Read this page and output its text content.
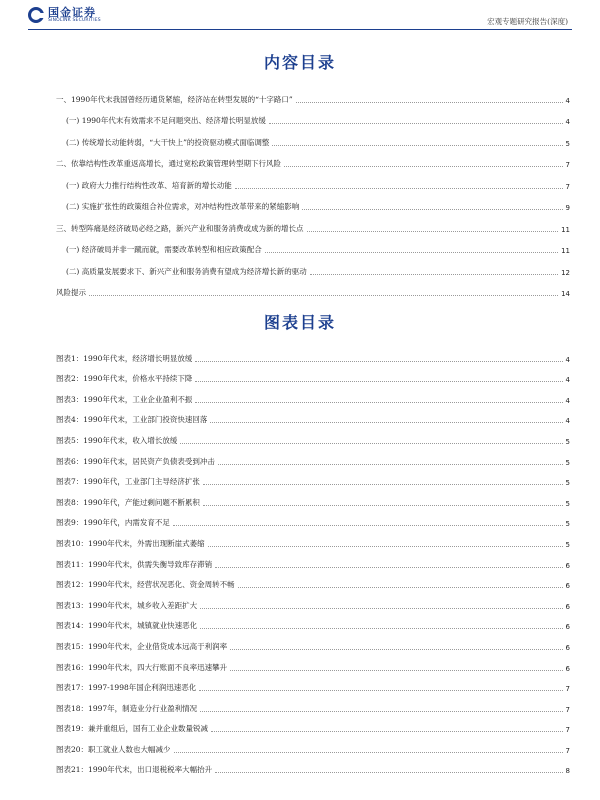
国金证券
SINOLINK SECURITIES	宏观专题研究报告(深度)
内容目录
一、1990年代末我国曾经历通货紧缩，经济站在转型发展的“十字路口”	4
(一) 1990年代末有效需求不足问题突出、经济增长明显放缓	4
(二) 传统增长动能转弱，“大干快上”的投资驱动模式面临调整	5
二、依靠结构性改革重返高增长，通过宽松政策管理转型期下行风险	7
(一) 政府大力推行结构性改革、培育新的增长动能	7
(二) 实施扩张性的政策组合补位需求，对冲结构性改革带来的紧缩影响	9
三、转型阵痛是经济破局必经之路，新兴产业和服务消费或成为新的增长点	11
(一) 经济破局并非一蹴而就，需要改革转型和相应政策配合	11
(二) 高质量发展要求下、新兴产业和服务消费有望成为经济增长新的驱动	12
风险提示	14
图表目录
图表1：1990年代末，经济增长明显放缓	4
图表2：1990年代末，价格水平持续下降	4
图表3：1990年代末，工业企业盈利不振	4
图表4：1990年代末，工业部门投资快速回落	4
图表5：1990年代末，收入增长放缓	5
图表6：1990年代末，居民资产负债表受到冲击	5
图表7：1990年代，工业部门主导经济扩张	5
图表8：1990年代，产能过剩问题不断累积	5
图表9：1990年代，内需发育不足	5
图表10：1990年代末，外需出现断崖式萎缩	5
图表11：1990年代末，供需失衡导致库存滞销	6
图表12：1990年代末，经营状况恶化、资金周转不畅	6
图表13：1990年代末，城乡收入差距扩大	6
图表14：1990年代末，城镇就业快速恶化	6
图表15：1990年代末，企业借贷成本远高于利润率	6
图表16：1990年代末，四大行账面不良率迅速攀升	6
图表17：1997-1998年国企利润迅速恶化	7
图表18：1997年，制造业分行业盈利情况	7
图表19：兼并重组后，国有工业企业数量锐减	7
图表20：职工就业人数也大幅减少	7
图表21：1990年代末，出口退税税率大幅抬升	8
